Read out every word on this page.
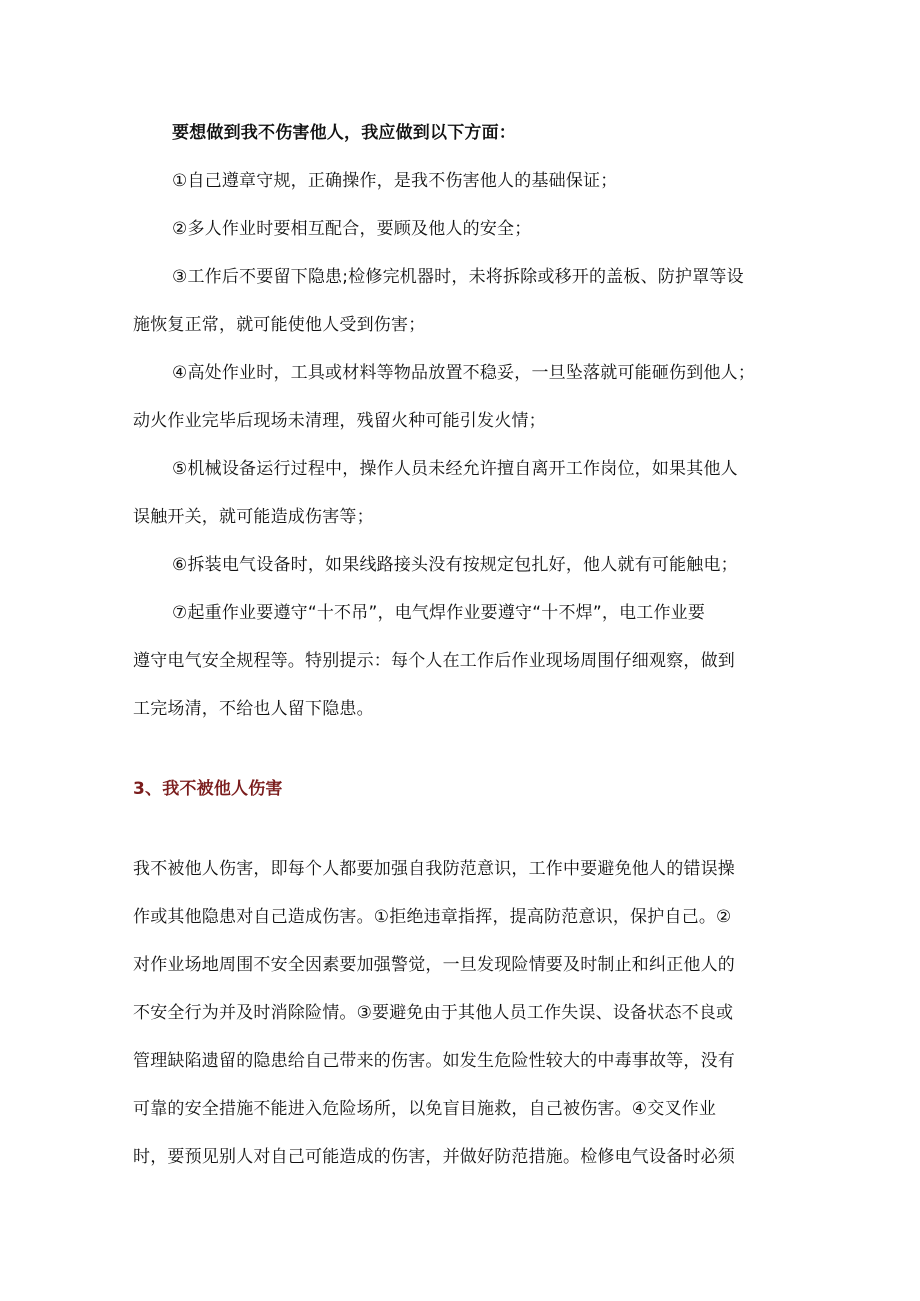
要想做到我不伤害他人，我应做到以下方面：
①自己遵章守规，正确操作，是我不伤害他人的基础保证；
②多人作业时要相互配合，要顾及他人的安全；
③工作后不要留下隐患;检修完机器时，未将拆除或移开的盖板、防护罩等设
施恢复正常，就可能使他人受到伤害；
④高处作业时，工具或材料等物品放置不稳妥，一旦坠落就可能砸伤到他人；
动火作业完毕后现场未清理，残留火种可能引发火情；
⑤机械设备运行过程中，操作人员未经允许擅自离开工作岗位，如果其他人
误触开关，就可能造成伤害等；
⑥拆装电气设备时，如果线路接头没有按规定包扎好，他人就有可能触电；
⑦起重作业要遵守“十不吊”，电气焊作业要遵守“十不焊”，电工作业要
遵守电气安全规程等。特别提示：每个人在工作后作业现场周围仔细观察，做到
工完场清，不给也人留下隐患。
3、我不被他人伤害
我不被他人伤害，即每个人都要加强自我防范意识，工作中要避免他人的错误操
作或其他隐患对自己造成伤害。①拒绝违章指挥，提高防范意识，保护自己。②
对作业场地周围不安全因素要加强警觉，一旦发现险情要及时制止和纠正他人的
不安全行为并及时消除险情。③要避免由于其他人员工作失误、设备状态不良或
管理缺陷遗留的隐患给自己带来的伤害。如发生危险性较大的中毒事故等，没有
可靠的安全措施不能进入危险场所，以免盲目施救，自己被伤害。④交叉作业
时，要预见别人对自己可能造成的伤害，并做好防范措施。检修电气设备时必须
